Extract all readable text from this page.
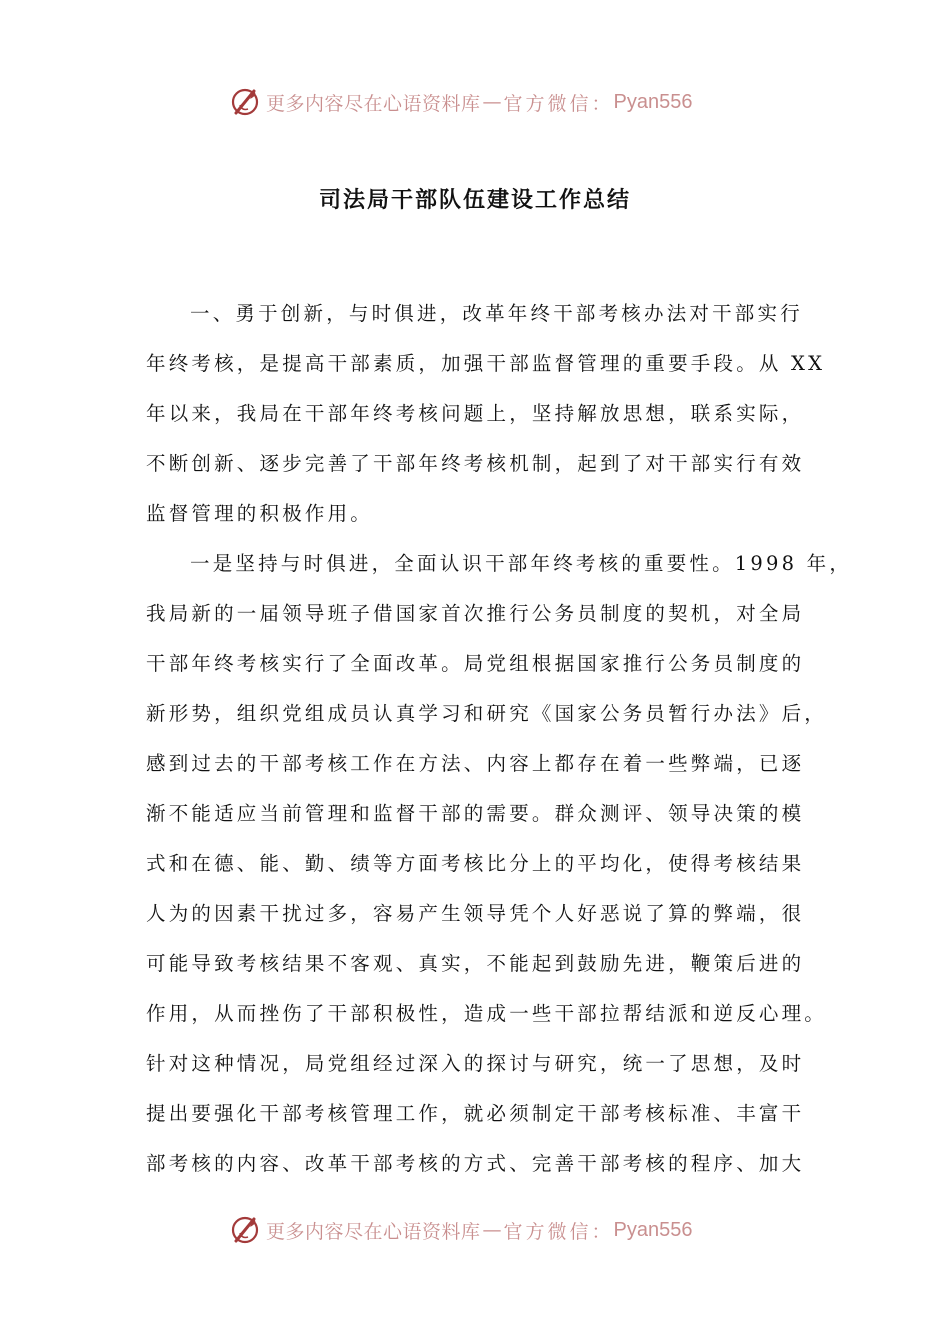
更多内容尽在心语资料库 — 官方微信： Pyan556
司法局干部队伍建设工作总结
一、勇于创新，与时俱进，改革年终干部考核办法对干部实行
年终考核，是提高干部素质，加强干部监督管理的重要手段。从 XX
年以来，我局在干部年终考核问题上，坚持解放思想，联系实际，
不断创新、逐步完善了干部年终考核机制，起到了对干部实行有效
监督管理的积极作用。
一是坚持与时俱进，全面认识干部年终考核的重要性。1998 年，
我局新的一届领导班子借国家首次推行公务员制度的契机，对全局
干部年终考核实行了全面改革。局党组根据国家推行公务员制度的
新形势，组织党组成员认真学习和研究《国家公务员暂行办法》后，
感到过去的干部考核工作在方法、内容上都存在着一些弊端，已逐
渐不能适应当前管理和监督干部的需要。群众测评、领导决策的模
式和在德、能、勤、绩等方面考核比分上的平均化，使得考核结果
人为的因素干扰过多，容易产生领导凭个人好恶说了算的弊端，很
可能导致考核结果不客观、真实，不能起到鼓励先进，鞭策后进的
作用，从而挫伤了干部积极性，造成一些干部拉帮结派和逆反心理。
针对这种情况，局党组经过深入的探讨与研究，统一了思想，及时
提出要强化干部考核管理工作，就必须制定干部考核标准、丰富干
部考核的内容、改革干部考核的方式、完善干部考核的程序、加大
更多内容尽在心语资料库 — 官方微信： Pyan556
